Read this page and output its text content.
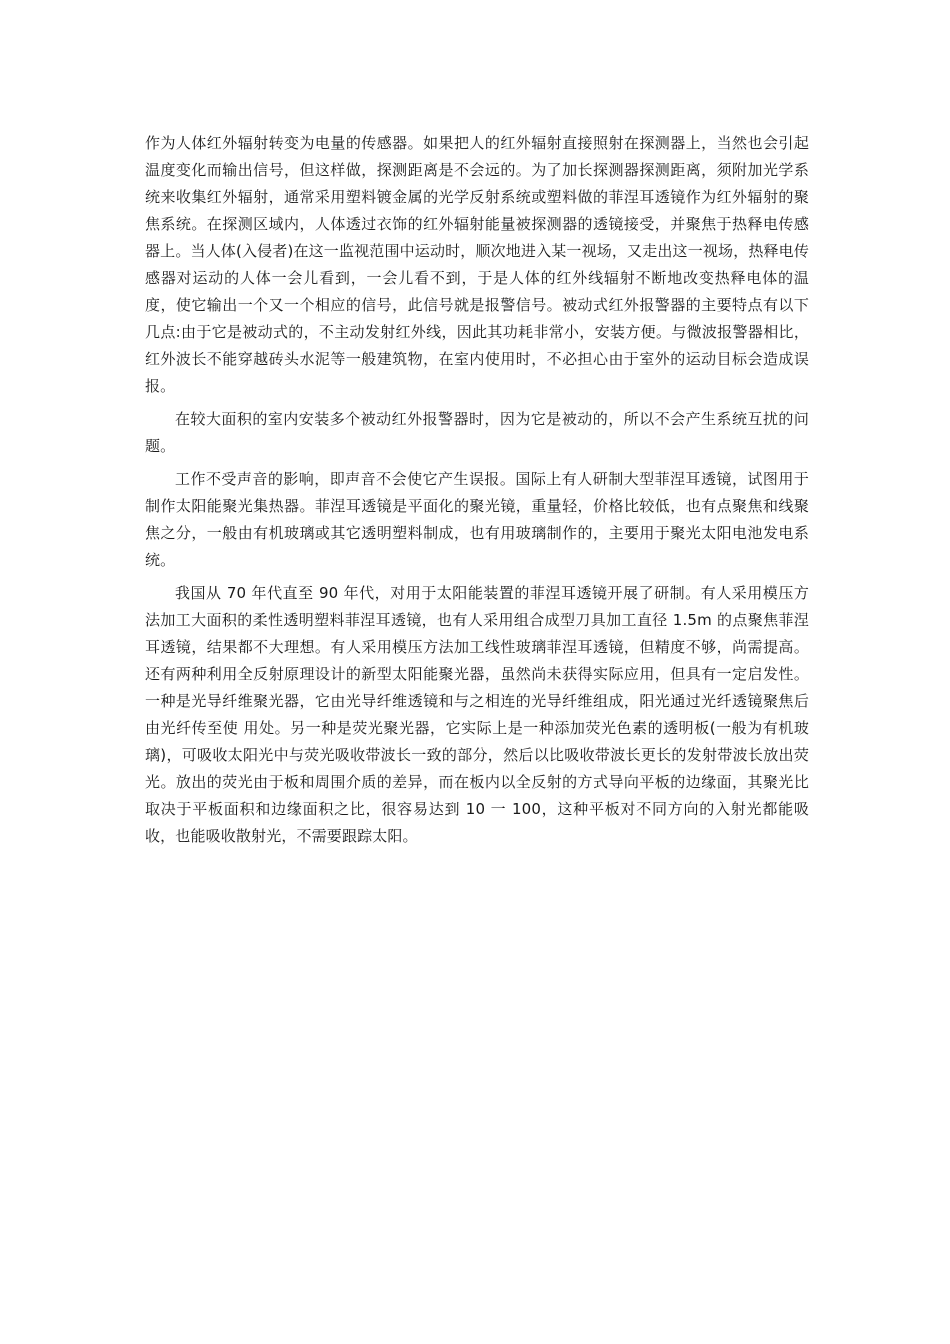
作为人体红外辐射转变为电量的传感器。如果把人的红外辐射直接照射在探测器上，当然也会引起温度变化而输出信号，但这样做，探测距离是不会远的。为了加长探测器探测距离，须附加光学系统来收集红外辐射，通常采用塑料镀金属的光学反射系统或塑料做的菲涅耳透镜作为红外辐射的聚焦系统。在探测区域内，人体透过衣饰的红外辐射能量被探测器的透镜接受，并聚焦于热释电传感器上。当人体(入侵者)在这一监视范围中运动时，顺次地进入某一视场，又走出这一视场，热释电传感器对运动的人体一会儿看到，一会儿看不到，于是人体的红外线辐射不断地改变热释电体的温度，使它输出一个又一个相应的信号，此信号就是报警信号。被动式红外报警器的主要特点有以下几点:由于它是被动式的，不主动发射红外线，因此其功耗非常小，安装方便。与微波报警器相比，红外波长不能穿越砖头水泥等一般建筑物，在室内使用时，不必担心由于室外的运动目标会造成误报。

在较大面积的室内安装多个被动红外报警器时，因为它是被动的，所以不会产生系统互扰的问题。

工作不受声音的影响，即声音不会使它产生误报。国际上有人研制大型菲涅耳透镜，试图用于制作太阳能聚光集热器。菲涅耳透镜是平面化的聚光镜，重量轻，价格比较低，也有点聚焦和线聚焦之分，一般由有机玻璃或其它透明塑料制成，也有用玻璃制作的，主要用于聚光太阳电池发电系统。

我国从 70 年代直至 90 年代，对用于太阳能装置的菲涅耳透镜开展了研制。有人采用模压方法加工大面积的柔性透明塑料菲涅耳透镜，也有人采用组合成型刀具加工直径 1.5m 的点聚焦菲涅耳透镜，结果都不大理想。有人采用模压方法加工线性玻璃菲涅耳透镜，但精度不够，尚需提高。还有两种利用全反射原理设计的新型太阳能聚光器，虽然尚未获得实际应用，但具有一定启发性。一种是光导纤维聚光器，它由光导纤维透镜和与之相连的光导纤维组成，阳光通过光纤透镜聚焦后由光纤传至使 用处。另一种是荧光聚光器，它实际上是一种添加荧光色素的透明板(一般为有机玻璃)，可吸收太阳光中与荧光吸收带波长一致的部分，然后以比吸收带波长更长的发射带波长放出荧光。放出的荧光由于板和周围介质的差异，而在板内以全反射的方式导向平板的边缘面，其聚光比取决于平板面积和边缘面积之比，很容易达到 10 一 100，这种平板对不同方向的入射光都能吸收，也能吸收散射光，不需要跟踪太阳。
